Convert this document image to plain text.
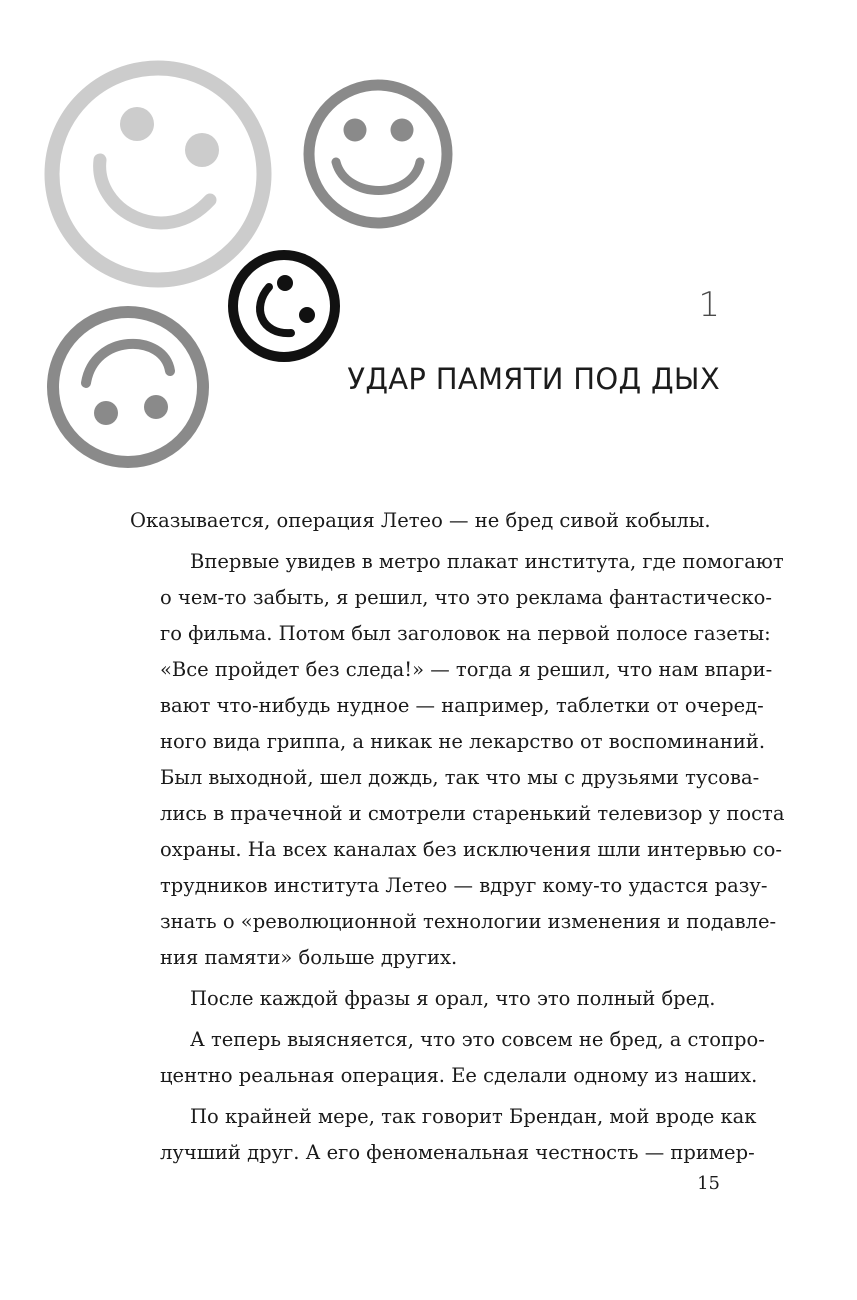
1

УДАР ПАМЯТИ ПОД ДЫХ

Оказывается, операция Летео — не бред сивой кобылы.

Впервые увидев в метро плакат института, где помогают
о чем-то забыть, я решил, что это реклама фантастическо-
го фильма. Потом был заголовок на первой полосе газеты:
«Все пройдет без следа!» — тогда я решил, что нам впари-
вают что-нибудь нудное — например, таблетки от очеред-
ного вида гриппа, а никак не лекарство от воспоминаний.
Был выходной, шел дождь, так что мы с друзьями тусова-
лись в прачечной и смотрели старенький телевизор у поста
охраны. На всех каналах без исключения шли интервью со-
трудников института Летео — вдруг кому-то удастся разу-
знать о «революционной технологии изменения и подавле-
ния памяти» больше других.

После каждой фразы я орал, что это полный бред.

А теперь выясняется, что это совсем не бред, а стопро-
центно реальная операция. Ее сделали одному из наших.

По крайней мере, так говорит Брендан, мой вроде как
лучший друг. А его феноменальная честность — пример-

15
